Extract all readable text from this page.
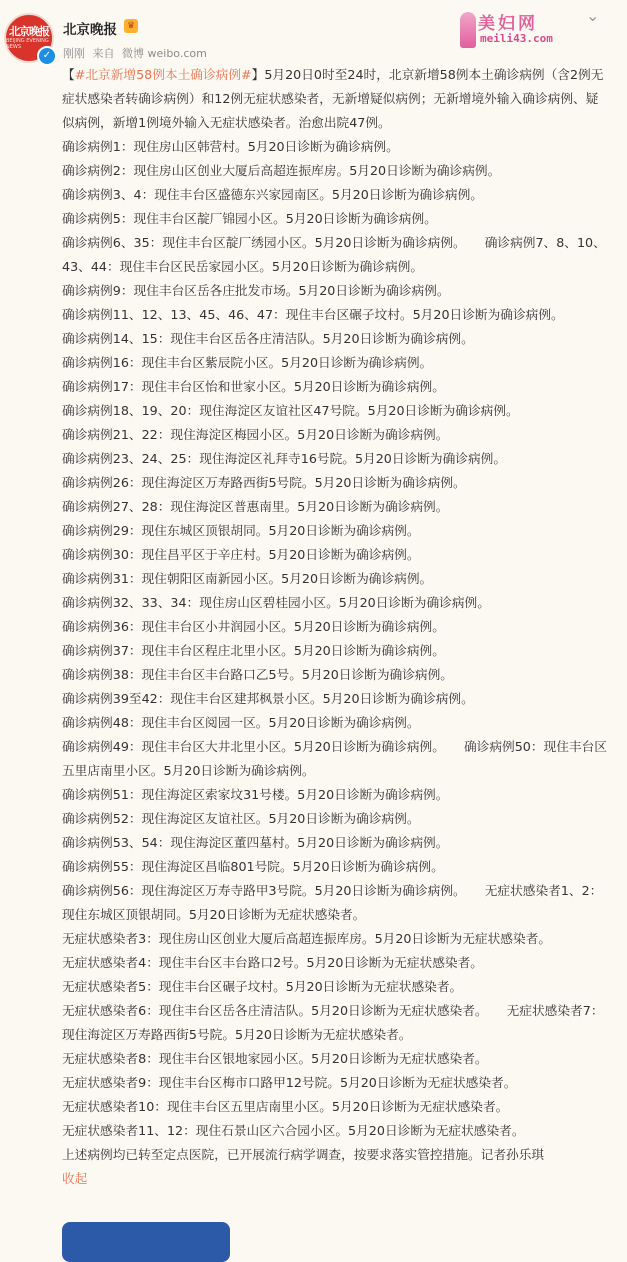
北京晚报
BEIJING EVENING NEWS
✓
北京晚报	♛
刚刚 来自 微博 weibo.com
美妇网
meili43.com
⌄

【#北京新增58例本土确诊病例#】5月20日0时至24时，北京新增58例本土确诊病例（含2例无症状感染者转确诊病例）和12例无症状感染者，无新增疑似病例；无新增境外输入确诊病例、疑似病例，新增1例境外输入无症状感染者。治愈出院47例。

确诊病例1：现住房山区韩营村。5月20日诊断为确诊病例。

确诊病例2：现住房山区创业大厦后高超连振库房。5月20日诊断为确诊病例。

确诊病例3、4：现住丰台区盛德东兴家园南区。5月20日诊断为确诊病例。

确诊病例5：现住丰台区靛厂锦园小区。5月20日诊断为确诊病例。

确诊病例6、35：现住丰台区靛厂绣园小区。5月20日诊断为确诊病例。　　确诊病例7、8、10、43、44：现住丰台区民岳家园小区。5月20日诊断为确诊病例。

确诊病例9：现住丰台区岳各庄批发市场。5月20日诊断为确诊病例。

确诊病例11、12、13、45、46、47：现住丰台区碾子坟村。5月20日诊断为确诊病例。

确诊病例14、15：现住丰台区岳各庄清洁队。5月20日诊断为确诊病例。

确诊病例16：现住丰台区紫辰院小区。5月20日诊断为确诊病例。

确诊病例17：现住丰台区怡和世家小区。5月20日诊断为确诊病例。

确诊病例18、19、20：现住海淀区友谊社区47号院。5月20日诊断为确诊病例。

确诊病例21、22：现住海淀区梅园小区。5月20日诊断为确诊病例。

确诊病例23、24、25：现住海淀区礼拜寺16号院。5月20日诊断为确诊病例。

确诊病例26：现住海淀区万寿路西街5号院。5月20日诊断为确诊病例。

确诊病例27、28：现住海淀区普惠南里。5月20日诊断为确诊病例。

确诊病例29：现住东城区顶银胡同。5月20日诊断为确诊病例。

确诊病例30：现住昌平区于辛庄村。5月20日诊断为确诊病例。

确诊病例31：现住朝阳区南新园小区。5月20日诊断为确诊病例。

确诊病例32、33、34：现住房山区碧桂园小区。5月20日诊断为确诊病例。

确诊病例36：现住丰台区小井润园小区。5月20日诊断为确诊病例。

确诊病例37：现住丰台区程庄北里小区。5月20日诊断为确诊病例。

确诊病例38：现住丰台区丰台路口乙5号。5月20日诊断为确诊病例。

确诊病例39至42：现住丰台区建邦枫景小区。5月20日诊断为确诊病例。

确诊病例48：现住丰台区阅园一区。5月20日诊断为确诊病例。

确诊病例49：现住丰台区大井北里小区。5月20日诊断为确诊病例。　　确诊病例50：现住丰台区五里店南里小区。5月20日诊断为确诊病例。

确诊病例51：现住海淀区索家坟31号楼。5月20日诊断为确诊病例。

确诊病例52：现住海淀区友谊社区。5月20日诊断为确诊病例。

确诊病例53、54：现住海淀区董四墓村。5月20日诊断为确诊病例。

确诊病例55：现住海淀区昌临801号院。5月20日诊断为确诊病例。

确诊病例56：现住海淀区万寿寺路甲3号院。5月20日诊断为确诊病例。　　无症状感染者1、2：现住东城区顶银胡同。5月20日诊断为无症状感染者。

无症状感染者3：现住房山区创业大厦后高超连振库房。5月20日诊断为无症状感染者。

无症状感染者4：现住丰台区丰台路口2号。5月20日诊断为无症状感染者。

无症状感染者5：现住丰台区碾子坟村。5月20日诊断为无症状感染者。

无症状感染者6：现住丰台区岳各庄清洁队。5月20日诊断为无症状感染者。　　无症状感染者7：现住海淀区万寿路西街5号院。5月20日诊断为无症状感染者。

无症状感染者8：现住丰台区银地家园小区。5月20日诊断为无症状感染者。

无症状感染者9：现住丰台区梅市口路甲12号院。5月20日诊断为无症状感染者。

无症状感染者10：现住丰台区五里店南里小区。5月20日诊断为无症状感染者。

无症状感染者11、12：现住石景山区六合园小区。5月20日诊断为无症状感染者。

上述病例均已转至定点医院，已开展流行病学调查，按要求落实管控措施。记者孙乐琪

收起
